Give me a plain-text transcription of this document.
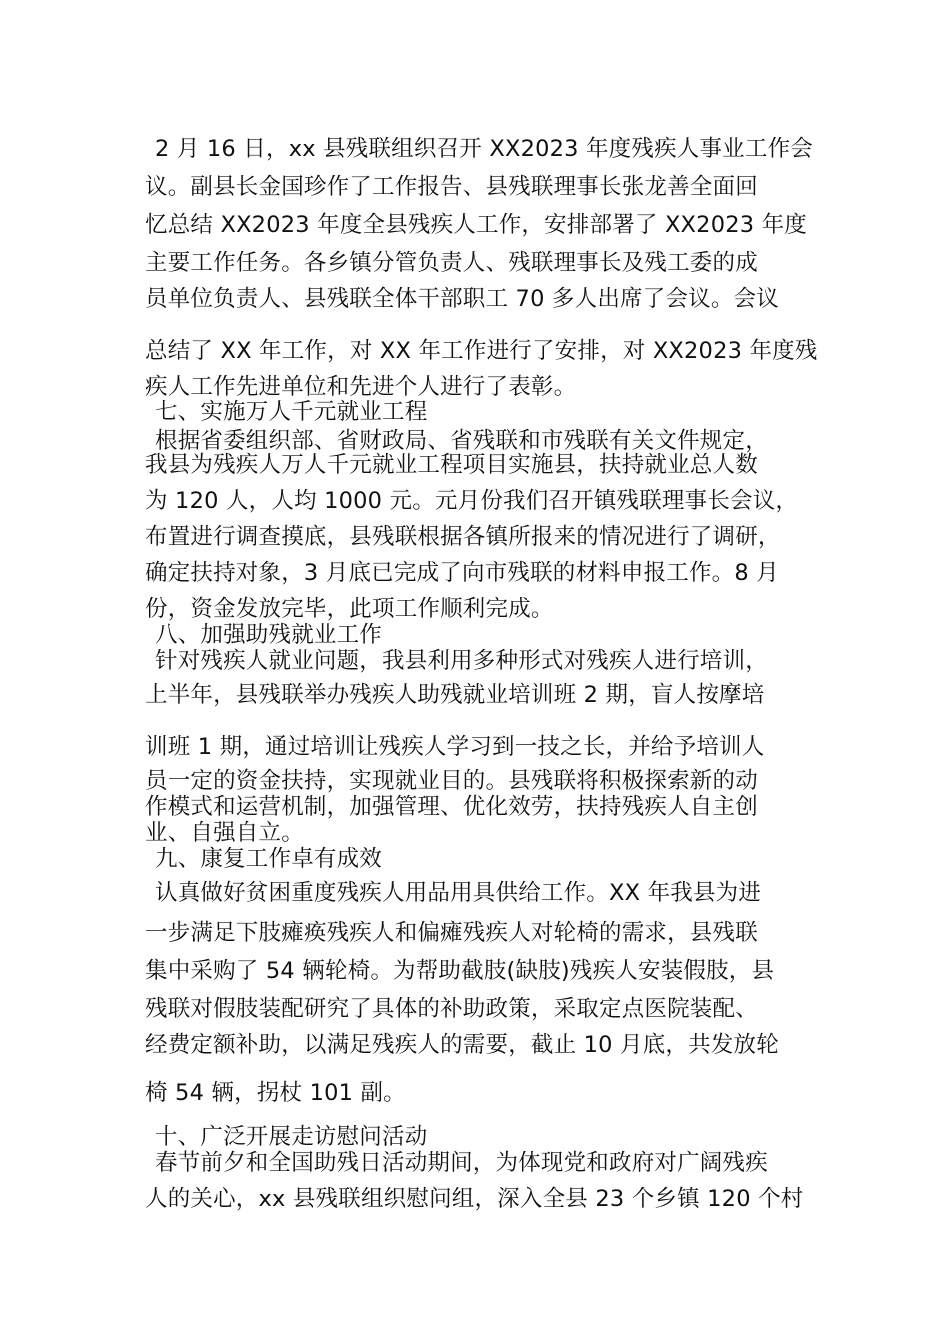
2 月 16 日，xx 县残联组织召开 XX2023 年度残疾人事业工作会

议。副县长金国珍作了工作报告、县残联理事长张龙善全面回

忆总结 XX2023 年度全县残疾人工作，安排部署了 XX2023 年度

主要工作任务。各乡镇分管负责人、残联理事长及残工委的成

员单位负责人、县残联全体干部职工 70 多人出席了会议。会议

总结了 XX 年工作，对 XX 年工作进行了安排，对 XX2023 年度残

疾人工作先进单位和先进个人进行了表彰。

七、实施万人千元就业工程

根据省委组织部、省财政局、省残联和市残联有关文件规定，

我县为残疾人万人千元就业工程项目实施县，扶持就业总人数

为 120 人，人均 1000 元。元月份我们召开镇残联理事长会议，

布置进行调查摸底，县残联根据各镇所报来的情况进行了调研，

确定扶持对象，3 月底已完成了向市残联的材料申报工作。8 月

份，资金发放完毕，此项工作顺利完成。

八、加强助残就业工作

针对残疾人就业问题，我县利用多种形式对残疾人进行培训，

上半年，县残联举办残疾人助残就业培训班 2 期，盲人按摩培

训班 1 期，通过培训让残疾人学习到一技之长，并给予培训人

员一定的资金扶持，实现就业目的。县残联将积极探索新的动

作模式和运营机制，加强管理、优化效劳，扶持残疾人自主创

业、自强自立。

九、康复工作卓有成效

认真做好贫困重度残疾人用品用具供给工作。XX 年我县为进

一步满足下肢瘫痪残疾人和偏瘫残疾人对轮椅的需求，县残联

集中采购了 54 辆轮椅。为帮助截肢(缺肢)残疾人安装假肢，县

残联对假肢装配研究了具体的补助政策，采取定点医院装配、

经费定额补助，以满足残疾人的需要，截止 10 月底，共发放轮

椅 54 辆，拐杖 101 副。

十、广泛开展走访慰问活动

春节前夕和全国助残日活动期间，为体现党和政府对广阔残疾

人的关心，xx 县残联组织慰问组，深入全县 23 个乡镇 120 个村
